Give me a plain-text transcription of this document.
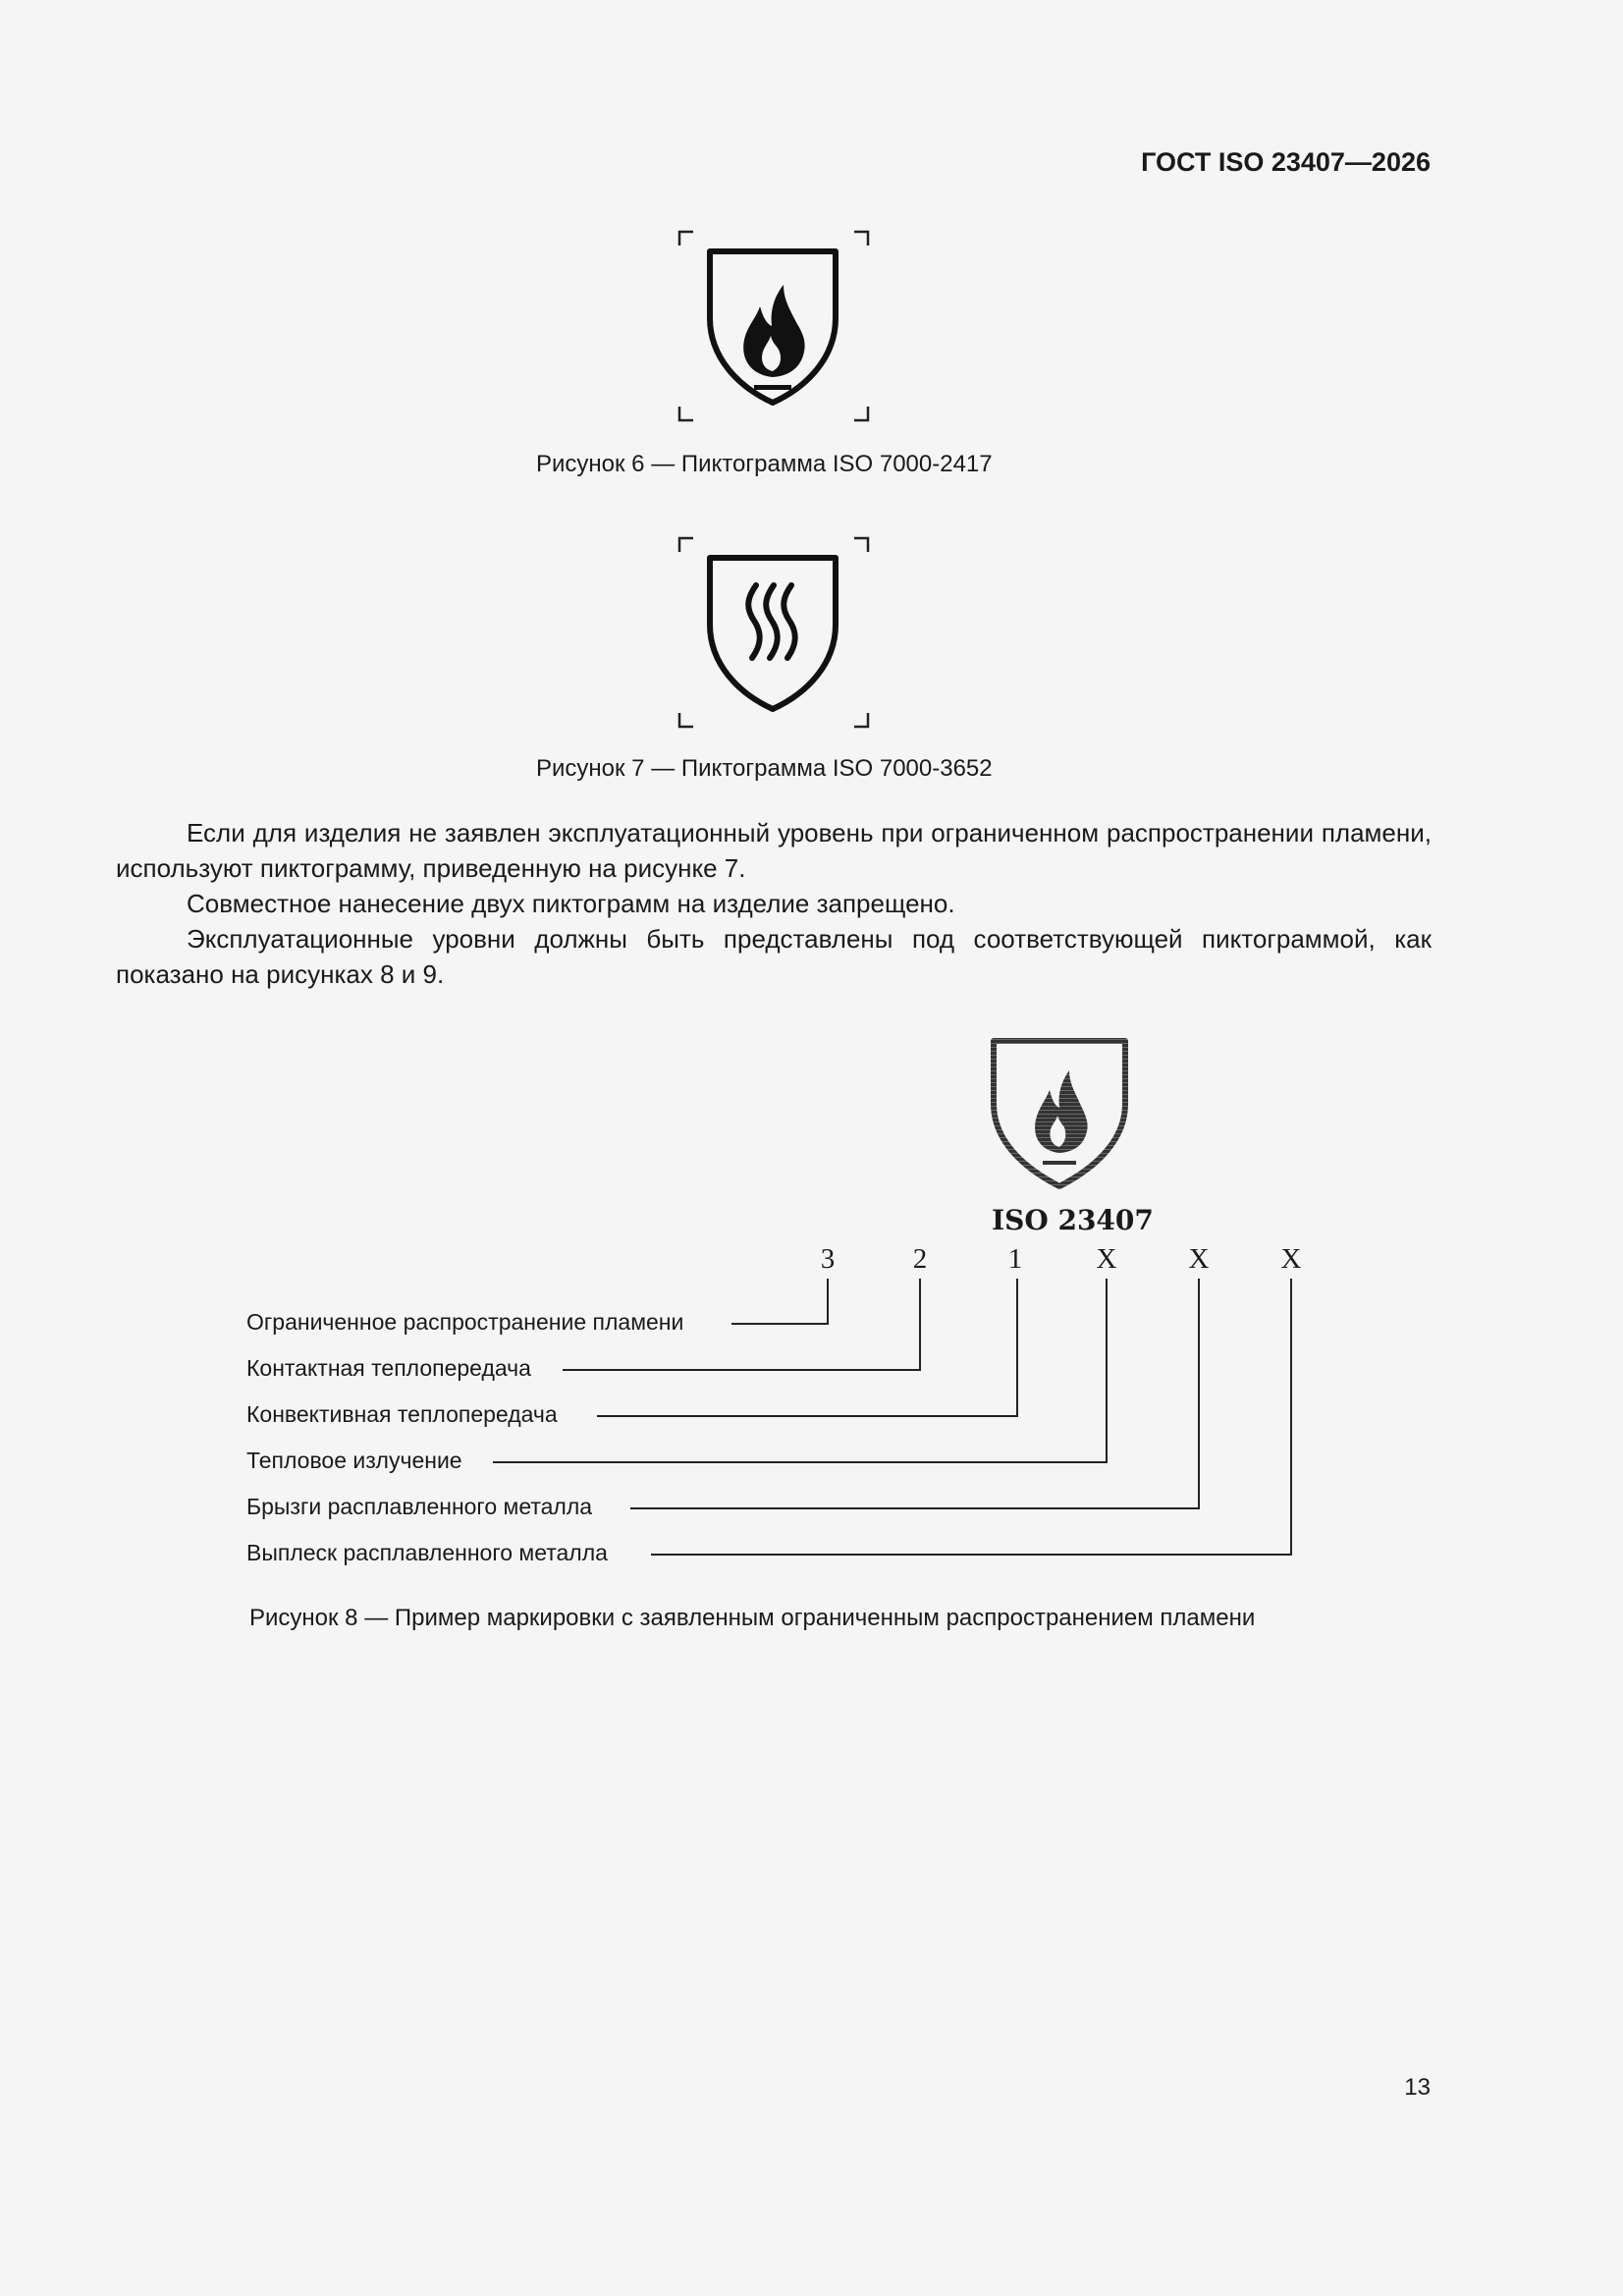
ГОСТ ISO 23407—2026
Рисунок 6 — Пиктограмма ISO 7000-2417
Рисунок 7 — Пиктограмма ISO 7000-3652
Если для изделия не заявлен эксплуатационный уровень при ограниченном распространении пламени, используют пиктограмму, приведенную на рисунке 7.
Совместное нанесение двух пиктограмм на изделие запрещено.
Эксплуатационные уровни должны быть представлены под соответствующей пиктограммой, как показано на рисунках 8 и 9.
ISO 23407
3	2	1	X	X	X
Ограниченное распространение пламени
Контактная теплопередача
Конвективная теплопередача
Тепловое излучение
Брызги расплавленного металла
Выплеск расплавленного металла
Рисунок 8 — Пример маркировки с заявленным ограниченным распространением пламени
13
